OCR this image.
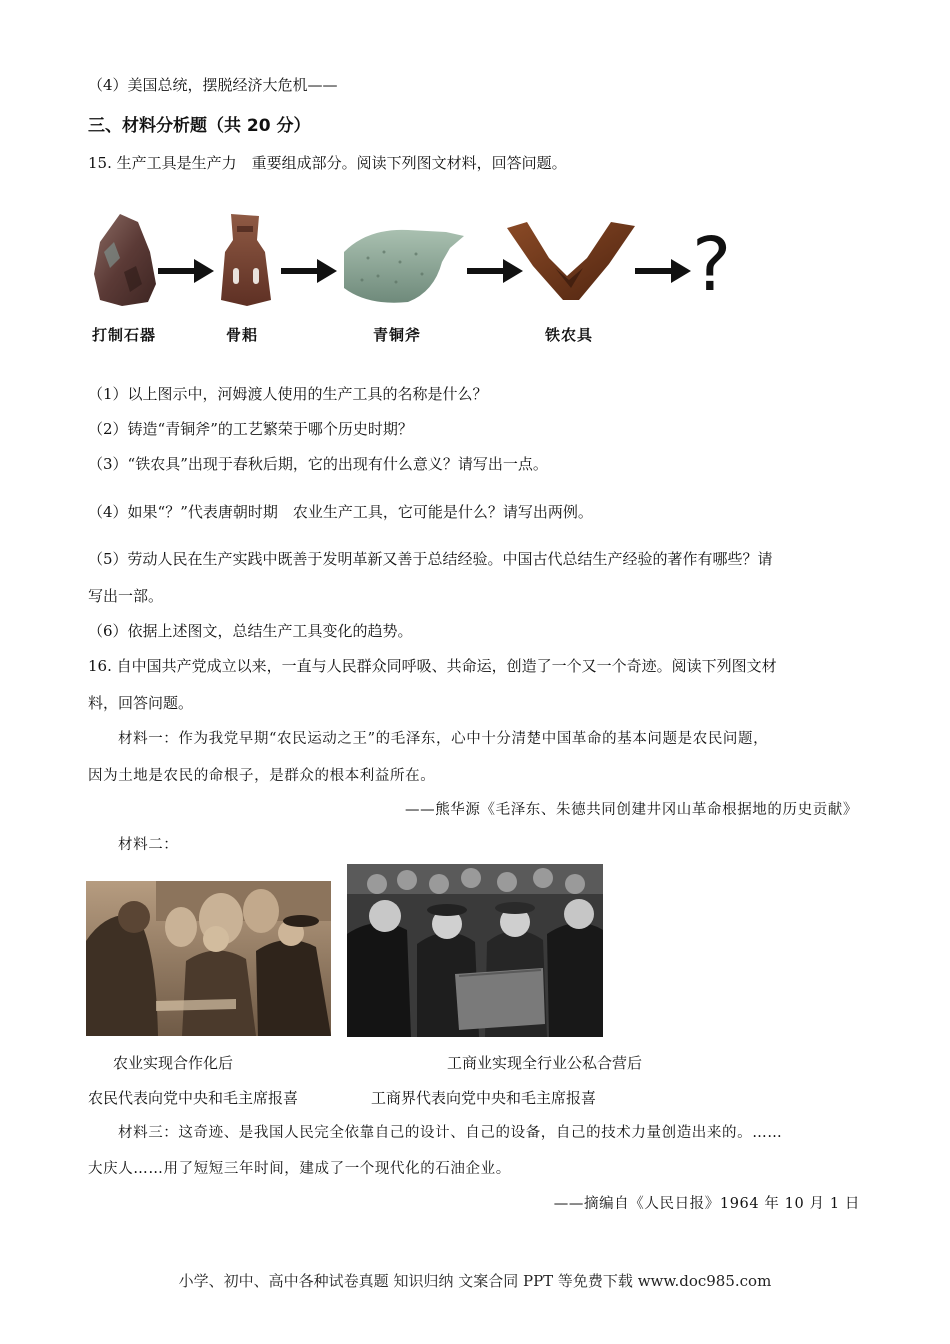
（4）美国总统，摆脱经济大危机——
三、材料分析题（共 20 分）
15. 生产工具是生产力　重要组成部分。阅读下列图文材料，回答问题。
?
打制石器	骨耜	青铜斧	铁农具
（1）以上图示中，河姆渡人使用的生产工具的名称是什么？
（2）铸造“青铜斧”的工艺繁荣于哪个历史时期？
（3）“铁农具”出现于春秋后期，它的出现有什么意义？请写出一点。
（4）如果“？”代表唐朝时期　农业生产工具，它可能是什么？请写出两例。
（5）劳动人民在生产实践中既善于发明革新又善于总结经验。中国古代总结生产经验的著作有哪些？请
写出一部。
（6）依据上述图文，总结生产工具变化的趋势。
16. 自中国共产党成立以来，一直与人民群众同呼吸、共命运，创造了一个又一个奇迹。阅读下列图文材
料，回答问题。
材料一：作为我党早期“农民运动之王”的毛泽东，心中十分清楚中国革命的基本问题是农民问题，
因为土地是农民的命根子，是群众的根本利益所在。
——熊华源《毛泽东、朱德共同创建井冈山革命根据地的历史贡献》
材料二：
农业实现合作化后	工商业实现全行业公私合营后
农民代表向党中央和毛主席报喜	工商界代表向党中央和毛主席报喜
材料三：这奇迹、是我国人民完全依靠自己的设计、自己的设备，自己的技术力量创造出来的。……
大庆人……用了短短三年时间，建成了一个现代化的石油企业。
——摘编自《人民日报》1964 年 10 月 1 日
小学、初中、高中各种试卷真题 知识归纳 文案合同 PPT 等免费下载 www.doc985.com
